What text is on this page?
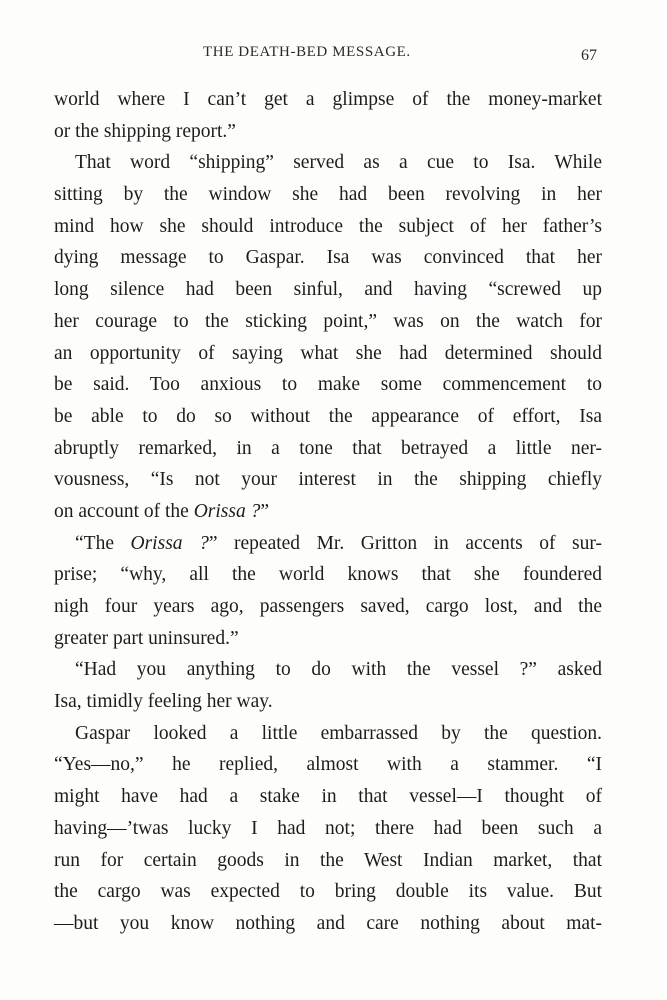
THE DEATH-BED MESSAGE.	67
world where I can’t get a glimpse of the money-market
or the shipping report.”
That word “shipping” served as a cue to Isa. While
sitting by the window she had been revolving in her
mind how she should introduce the subject of her father’s
dying message to Gaspar. Isa was convinced that her
long silence had been sinful, and having “screwed up
her courage to the sticking point,” was on the watch for
an opportunity of saying what she had determined should
be said. Too anxious to make some commencement to
be able to do so without the appearance of effort, Isa
abruptly remarked, in a tone that betrayed a little ner-
vousness, “Is not your interest in the shipping chiefly
on account of the Orissa ?”
“The Orissa ?” repeated Mr. Gritton in accents of sur-
prise; “why, all the world knows that she foundered
nigh four years ago, passengers saved, cargo lost, and the
greater part uninsured.”
“Had you anything to do with the vessel ?” asked
Isa, timidly feeling her way.
Gaspar looked a little embarrassed by the question.
“Yes—no,” he replied, almost with a stammer. “I
might have had a stake in that vessel—I thought of
having—’twas lucky I had not; there had been such a
run for certain goods in the West Indian market, that
the cargo was expected to bring double its value. But
—but you know nothing and care nothing about mat-
